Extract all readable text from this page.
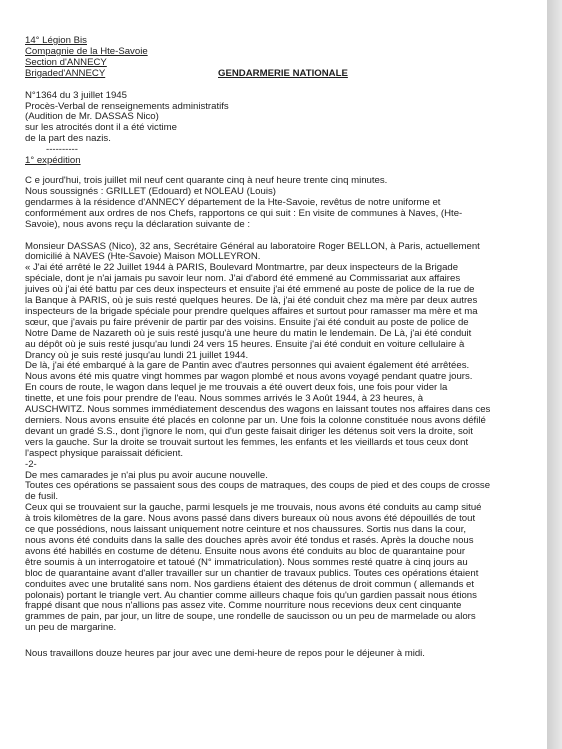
14° Légion Bis
Compagnie de la Hte-Savoie
Section d'ANNECY
Brigaded'ANNECY	GENDARMERIE NATIONALE
N°1364 du 3 juillet 1945
Procès-Verbal de renseignements administratifs
(Audition de Mr. DASSAS Nico)
sur les atrocités dont il a été victime
de la part des nazis.
----------
1° expédition
C e jourd'hui, trois juillet mil neuf cent quarante cinq à neuf heure trente cinq minutes.
Nous soussignés : GRILLET (Edouard) et NOLEAU (Louis)
gendarmes à la résidence d'ANNECY département de la Hte-Savoie, revêtus de notre uniforme et
conformément aux ordres de nos Chefs, rapportons ce qui suit : En visite de communes à Naves, (Hte-
Savoie), nous avons reçu la déclaration suivante de :
Monsieur DASSAS (Nico), 32 ans, Secrétaire Général au laboratoire Roger BELLON, à Paris, actuellement
domicilié à NAVES (Hte-Savoie) Maison MOLLEYRON.
« J'ai été arrêté le 22 Juillet 1944 à PARIS, Boulevard Montmartre, par deux inspecteurs de la Brigade
spéciale, dont je n'ai jamais pu savoir leur nom. J'ai d'abord été emmené au Commissariat aux affaires
juives où j'ai été battu par ces deux inspecteurs et ensuite j'ai été emmené au poste de police de la rue de
la Banque à PARIS, où je suis resté quelques heures. De là, j'ai été conduit chez ma mère par deux autres
inspecteurs de la brigade spéciale pour prendre quelques affaires et surtout pour ramasser ma mère et ma
sœur, que j'avais pu faire prévenir de partir par des voisins. Ensuite j'ai été conduit au poste de police de
Notre Dame de Nazareth où je suis resté jusqu'à une heure du matin le lendemain. De Là, j'ai été conduit
au dépôt où je suis resté jusqu'au lundi 24 vers 15 heures. Ensuite j'ai été conduit en voiture cellulaire à
Drancy où je suis resté jusqu'au lundi 21 juillet 1944.
De là, j'ai été embarqué à la gare de Pantin avec d'autres personnes qui avaient également été arrêtées.
Nous avons été mis quatre vingt hommes par wagon plombé et nous avons voyagé pendant quatre jours.
En cours de route, le wagon dans lequel je me trouvais a été ouvert deux fois, une fois pour vider la
tinette, et une fois pour prendre de l'eau. Nous sommes arrivés le 3 Août 1944, à 23 heures, à
AUSCHWITZ. Nous sommes immédiatement descendus des wagons en laissant toutes nos affaires dans ces
derniers. Nous avons ensuite été placés en colonne par un. Une fois la colonne constituée nous avons défilé
devant un gradé S.S., dont j'ignore le nom, qui d'un geste faisait diriger les détenus soit vers la droite, soit
vers la gauche. Sur la droite se trouvait surtout les femmes, les enfants et les vieillards et tous ceux dont
l'aspect physique paraissait déficient.
-2-
De mes camarades je n'ai plus pu avoir aucune nouvelle.
Toutes ces opérations se passaient sous des coups de matraques, des coups de pied et des coups de crosse
de fusil.
Ceux qui se trouvaient sur la gauche, parmi lesquels je me trouvais, nous avons été conduits au camp situé
à trois kilomètres de la gare. Nous avons passé dans divers bureaux où nous avons été dépouillés de tout
ce que possédions, nous laissant uniquement notre ceinture et nos chaussures. Sortis nus dans la cour,
nous avons été conduits dans la salle des douches après avoir été tondus et rasés. Après la douche nous
avons été habillés en costume de détenu. Ensuite nous avons été conduits au bloc de quarantaine pour
être soumis à un interrogatoire et tatoué (N° immatriculation). Nous sommes resté quatre à cinq jours au
bloc de quarantaine avant d'aller travailler sur un chantier de travaux publics. Toutes ces opérations étaient
conduites avec une brutalité sans nom. Nos gardiens étaient des détenus de droit commun ( allemands et
polonais) portant le triangle vert. Au chantier comme ailleurs chaque fois qu'un gardien passait nous étions
frappé disant que nous n'allions pas assez vite. Comme nourriture nous recevions deux cent cinquante
grammes de pain, par jour, un litre de soupe, une rondelle de saucisson ou un peu de marmelade ou alors
un peu de margarine.
Nous travaillons douze heures par jour avec une demi-heure de repos pour le déjeuner à midi.
